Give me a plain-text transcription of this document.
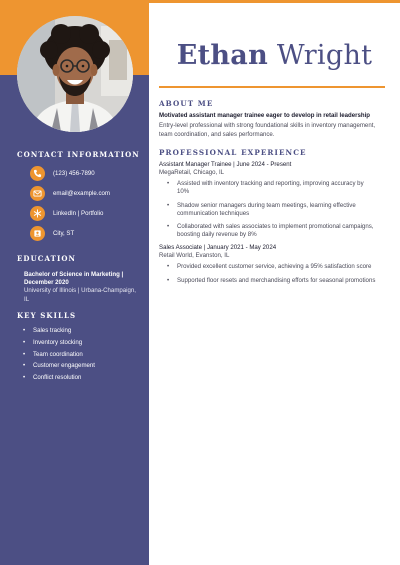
Ethan Wright
ABOUT ME
Motivated assistant manager trainee eager to develop in retail leadership
Entry-level professional with strong foundational skills in inventory management,
team coordination, and sales performance.
PROFESSIONAL EXPERIENCE
Assistant Manager Trainee | June 2024 - Present
MegaRetail, Chicago, IL
• Assisted with inventory tracking and reporting, improving accuracy by
10%
• Shadow senior managers during team meetings, learning effective
communication techniques
• Collaborated with sales associates to implement promotional campaigns,
boosting daily revenue by 8%
Sales Associate | January 2021 - May 2024
Retail World, Evanston, IL
• Provided excellent customer service, achieving a 95% satisfaction score
• Supported floor resets and merchandising efforts for seasonal promotions
CONTACT INFORMATION
(123) 456-7890
email@example.com
LinkedIn | Portfolio
City, ST
EDUCATION
Bachelor of Science in Marketing |
December 2020
University of Illinois | Urbana-Champaign,
IL
KEY SKILLS
• Sales tracking
• Inventory stocking
• Team coordination
• Customer engagement
• Conflict resolution
